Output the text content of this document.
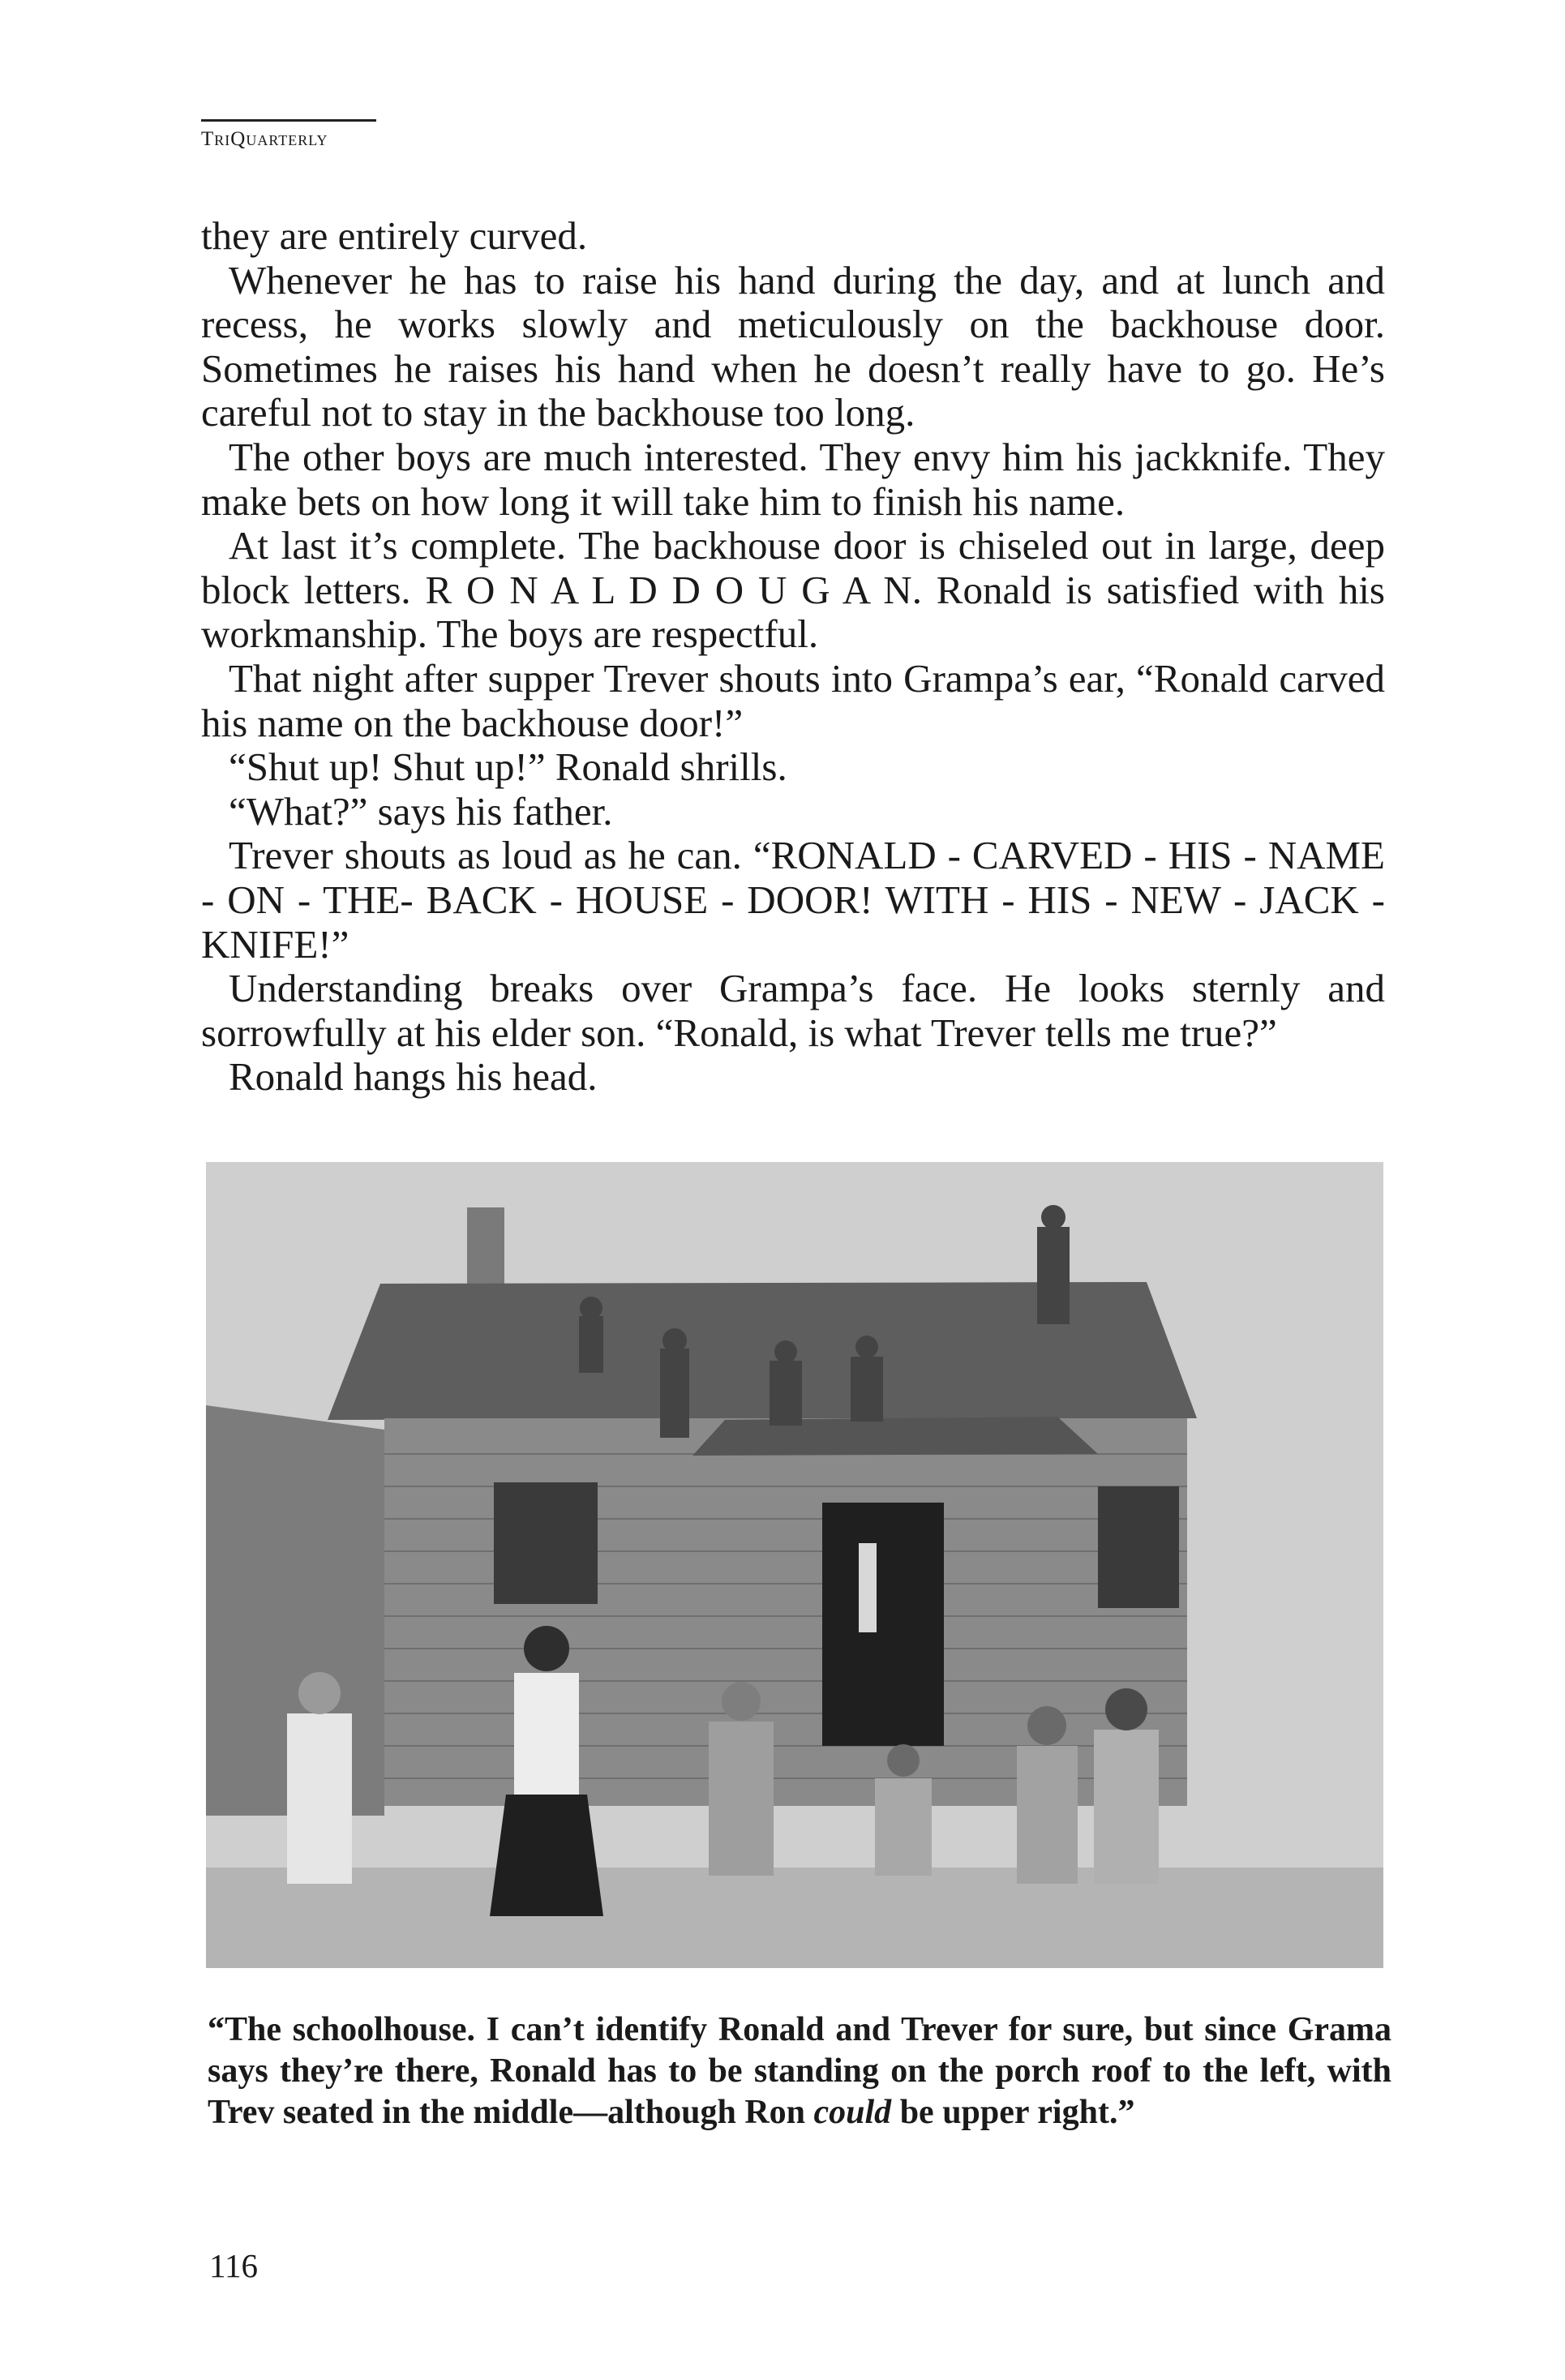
TriQuarterly

they are entirely curved.

Whenever he has to raise his hand during the day, and at lunch and recess, he works slowly and meticulously on the backhouse door. Sometimes he raises his hand when he doesn’t really have to go. He’s careful not to stay in the backhouse too long.

The other boys are much interested. They envy him his jackknife. They make bets on how long it will take him to finish his name.

At last it’s complete. The backhouse door is chiseled out in large, deep block letters. R O N A L D D O U G A N. Ronald is satisfied with his workmanship. The boys are respectful.

That night after supper Trever shouts into Grampa’s ear, “Ronald carved his name on the backhouse door!”

“Shut up! Shut up!” Ronald shrills.

“What?” says his father.

Trever shouts as loud as he can. “RONALD - CARVED - HIS - NAME - ON - THE- BACK - HOUSE - DOOR! WITH - HIS - NEW - JACK - KNIFE!”

Understanding breaks over Grampa’s face. He looks sternly and sorrowfully at his elder son. “Ronald, is what Trever tells me true?”

Ronald hangs his head.

“The schoolhouse. I can’t identify Ronald and Trever for sure, but since Grama says they’re there, Ronald has to be standing on the porch roof to the left, with Trev seated in the middle—although Ron could be upper right.”
116
